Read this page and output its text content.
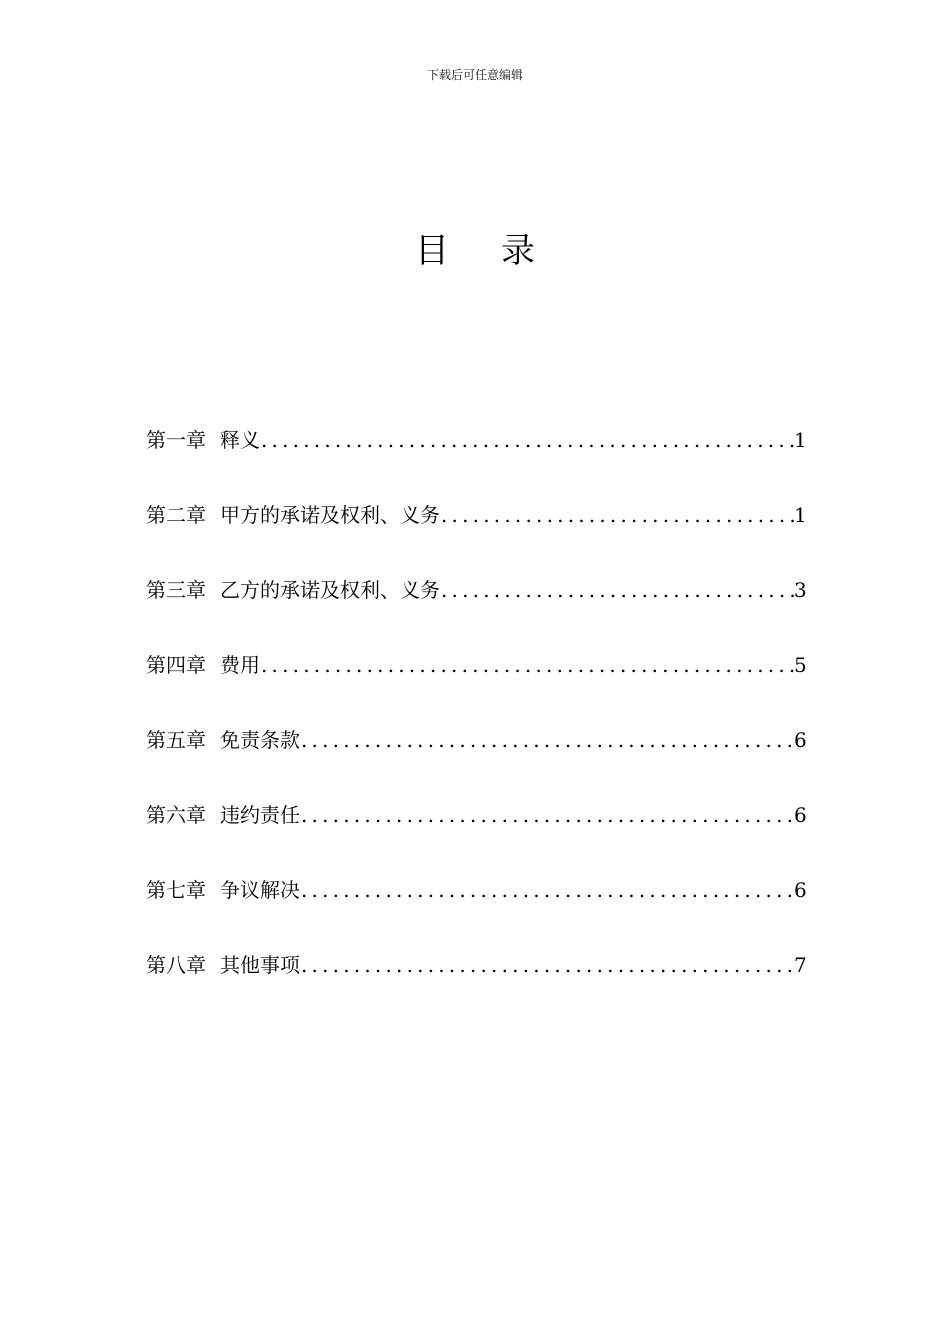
下载后可任意编辑
目 录
第一章 释义 .....	1
第二章 甲方的承诺及权利、义务 .....	1
第三章 乙方的承诺及权利、义务 .....	3
第四章 费用 .....	5
第五章 免责条款 .....	6
第六章 违约责任 .....	6
第七章 争议解决 .....	6
第八章 其他事项 .....	7
